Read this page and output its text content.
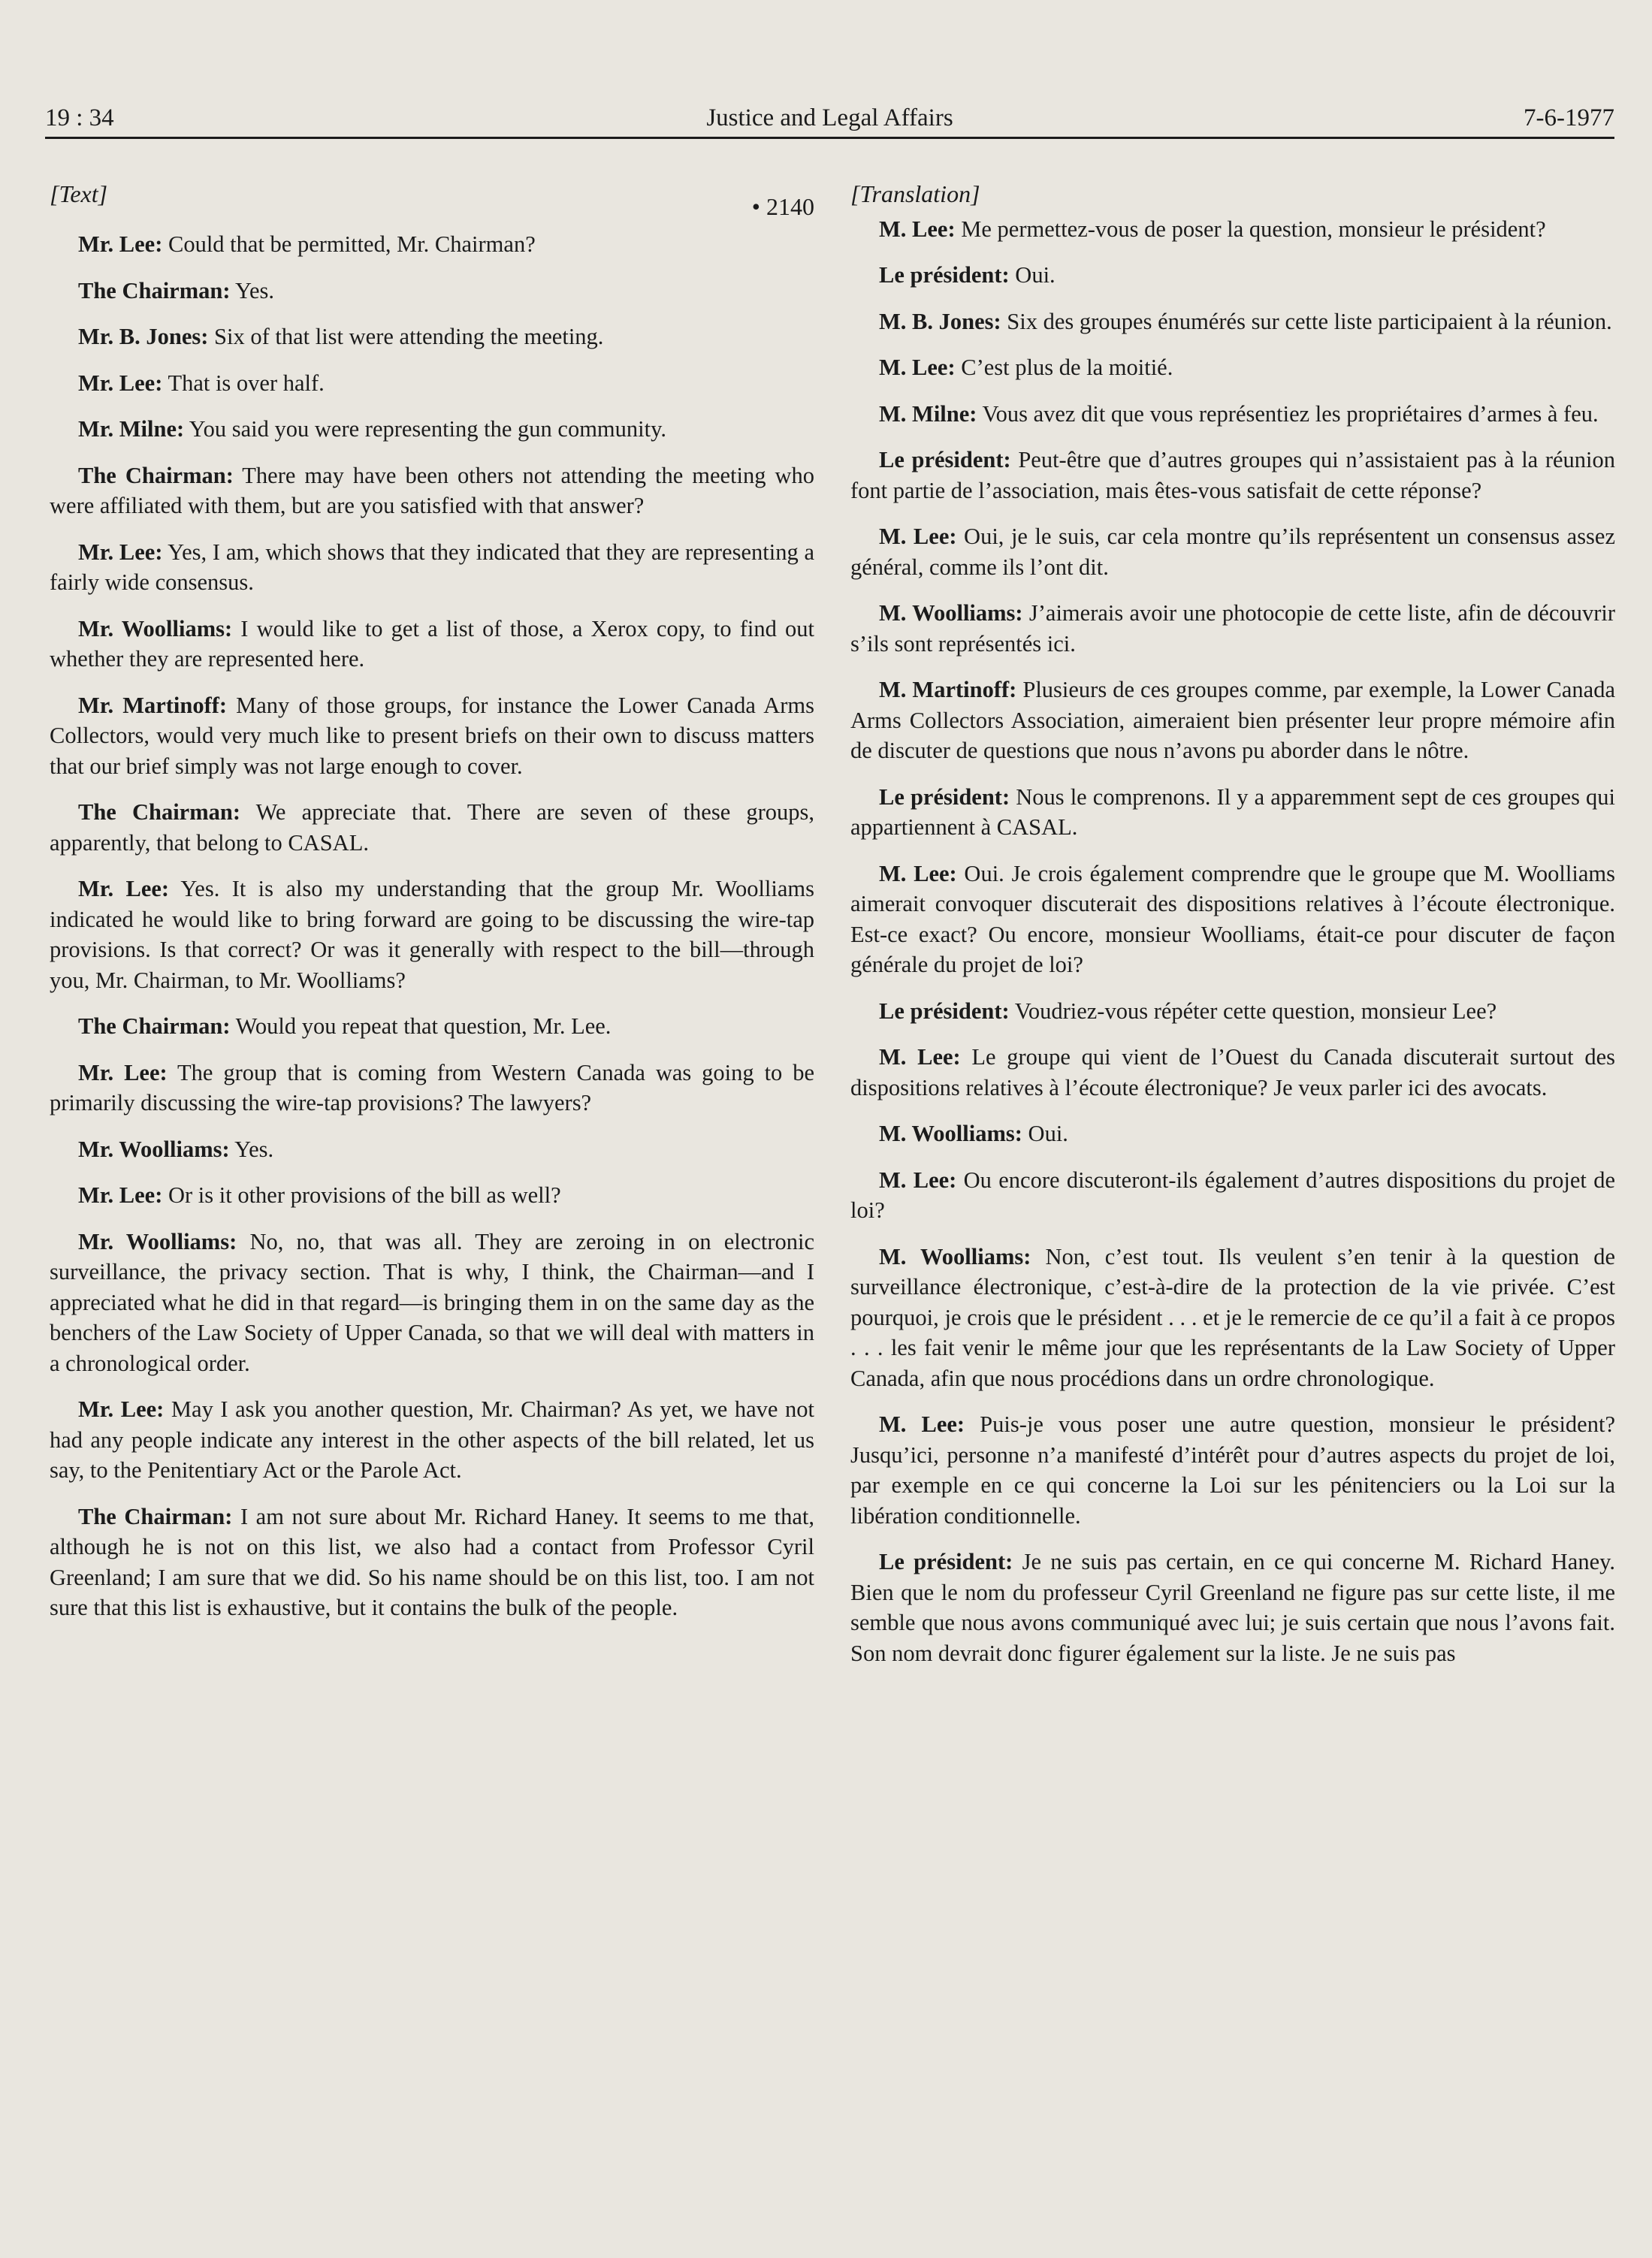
19 : 34	Justice and Legal Affairs	7-6-1977
[Text]	• 2140

Mr. Lee: Could that be permitted, Mr. Chairman?

The Chairman: Yes.

Mr. B. Jones: Six of that list were attending the meeting.

Mr. Lee: That is over half.

Mr. Milne: You said you were representing the gun community.

The Chairman: There may have been others not attending the meeting who were affiliated with them, but are you satisfied with that answer?

Mr. Lee: Yes, I am, which shows that they indicated that they are representing a fairly wide consensus.

Mr. Woolliams: I would like to get a list of those, a Xerox copy, to find out whether they are represented here.

Mr. Martinoff: Many of those groups, for instance the Lower Canada Arms Collectors, would very much like to present briefs on their own to discuss matters that our brief simply was not large enough to cover.

The Chairman: We appreciate that. There are seven of these groups, apparently, that belong to CASAL.

Mr. Lee: Yes. It is also my understanding that the group Mr. Woolliams indicated he would like to bring forward are going to be discussing the wire-tap provisions. Is that correct? Or was it generally with respect to the bill—through you, Mr. Chairman, to Mr. Woolliams?

The Chairman: Would you repeat that question, Mr. Lee.

Mr. Lee: The group that is coming from Western Canada was going to be primarily discussing the wire-tap provisions? The lawyers?

Mr. Woolliams: Yes.

Mr. Lee: Or is it other provisions of the bill as well?

Mr. Woolliams: No, no, that was all. They are zeroing in on electronic surveillance, the privacy section. That is why, I think, the Chairman—and I appreciated what he did in that regard—is bringing them in on the same day as the benchers of the Law Society of Upper Canada, so that we will deal with matters in a chronological order.

Mr. Lee: May I ask you another question, Mr. Chairman? As yet, we have not had any people indicate any interest in the other aspects of the bill related, let us say, to the Penitentiary Act or the Parole Act.

The Chairman: I am not sure about Mr. Richard Haney. It seems to me that, although he is not on this list, we also had a contact from Professor Cyril Greenland; I am sure that we did. So his name should be on this list, too. I am not sure that this list is exhaustive, but it contains the bulk of the people.

[Translation]

M. Lee: Me permettez-vous de poser la question, monsieur le président?

Le président: Oui.

M. B. Jones: Six des groupes énumérés sur cette liste participaient à la réunion.

M. Lee: C’est plus de la moitié.

M. Milne: Vous avez dit que vous représentiez les propriétaires d’armes à feu.

Le président: Peut-être que d’autres groupes qui n’assistaient pas à la réunion font partie de l’association, mais êtes-vous satisfait de cette réponse?

M. Lee: Oui, je le suis, car cela montre qu’ils représentent un consensus assez général, comme ils l’ont dit.

M. Woolliams: J’aimerais avoir une photocopie de cette liste, afin de découvrir s’ils sont représentés ici.

M. Martinoff: Plusieurs de ces groupes comme, par exemple, la Lower Canada Arms Collectors Association, aimeraient bien présenter leur propre mémoire afin de discuter de questions que nous n’avons pu aborder dans le nôtre.

Le président: Nous le comprenons. Il y a apparemment sept de ces groupes qui appartiennent à CASAL.

M. Lee: Oui. Je crois également comprendre que le groupe que M. Woolliams aimerait convoquer discuterait des dispositions relatives à l’écoute électronique. Est-ce exact? Ou encore, monsieur Woolliams, était-ce pour discuter de façon générale du projet de loi?

Le président: Voudriez-vous répéter cette question, monsieur Lee?

M. Lee: Le groupe qui vient de l’Ouest du Canada discuterait surtout des dispositions relatives à l’écoute électronique? Je veux parler ici des avocats.

M. Woolliams: Oui.

M. Lee: Ou encore discuteront-ils également d’autres dispositions du projet de loi?

M. Woolliams: Non, c’est tout. Ils veulent s’en tenir à la question de surveillance électronique, c’est-à-dire de la protection de la vie privée. C’est pourquoi, je crois que le président . . . et je le remercie de ce qu’il a fait à ce propos . . . les fait venir le même jour que les représentants de la Law Society of Upper Canada, afin que nous procédions dans un ordre chronologique.

M. Lee: Puis-je vous poser une autre question, monsieur le président? Jusqu’ici, personne n’a manifesté d’intérêt pour d’autres aspects du projet de loi, par exemple en ce qui concerne la Loi sur les pénitenciers ou la Loi sur la libération conditionnelle.

Le président: Je ne suis pas certain, en ce qui concerne M. Richard Haney. Bien que le nom du professeur Cyril Greenland ne figure pas sur cette liste, il me semble que nous avons communiqué avec lui; je suis certain que nous l’avons fait. Son nom devrait donc figurer également sur la liste. Je ne suis pas
